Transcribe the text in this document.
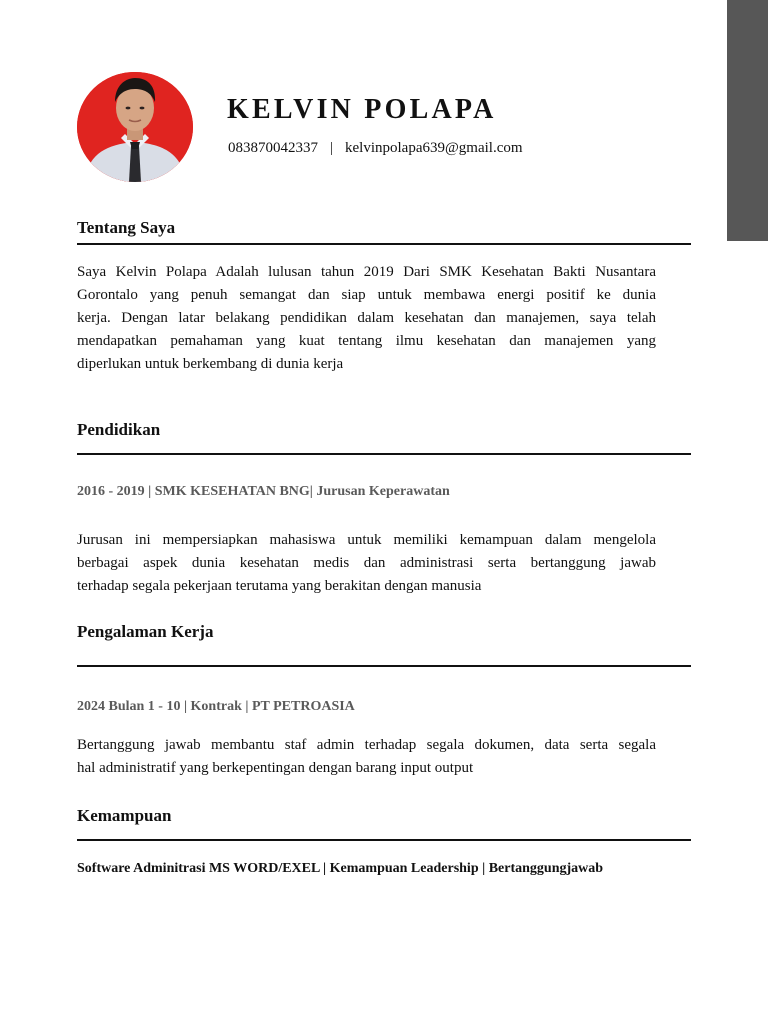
KELVIN POLAPA
083870042337 | kelvinpolapa639@gmail.com
Tentang Saya
Saya Kelvin Polapa Adalah lulusan tahun 2019 Dari SMK Kesehatan Bakti Nusantara
Gorontalo yang penuh semangat dan siap untuk membawa energi positif ke dunia
kerja. Dengan latar belakang pendidikan dalam kesehatan dan manajemen, saya telah
mendapatkan pemahaman yang kuat tentang ilmu kesehatan dan manajemen yang
diperlukan untuk berkembang di dunia kerja
Pendidikan
2016 - 2019 | SMK KESEHATAN BNG| Jurusan Keperawatan
Jurusan ini mempersiapkan mahasiswa untuk memiliki kemampuan dalam mengelola
berbagai aspek dunia kesehatan medis dan administrasi serta bertanggung jawab
terhadap segala pekerjaan terutama yang berakitan dengan manusia
Pengalaman Kerja
2024 Bulan 1 - 10 | Kontrak | PT PETROASIA
Bertanggung jawab membantu staf admin terhadap segala dokumen, data serta segala
hal administratif yang berkepentingan dengan barang input output
Kemampuan
Software Adminitrasi MS WORD/EXEL | Kemampuan Leadership | Bertanggungjawab
